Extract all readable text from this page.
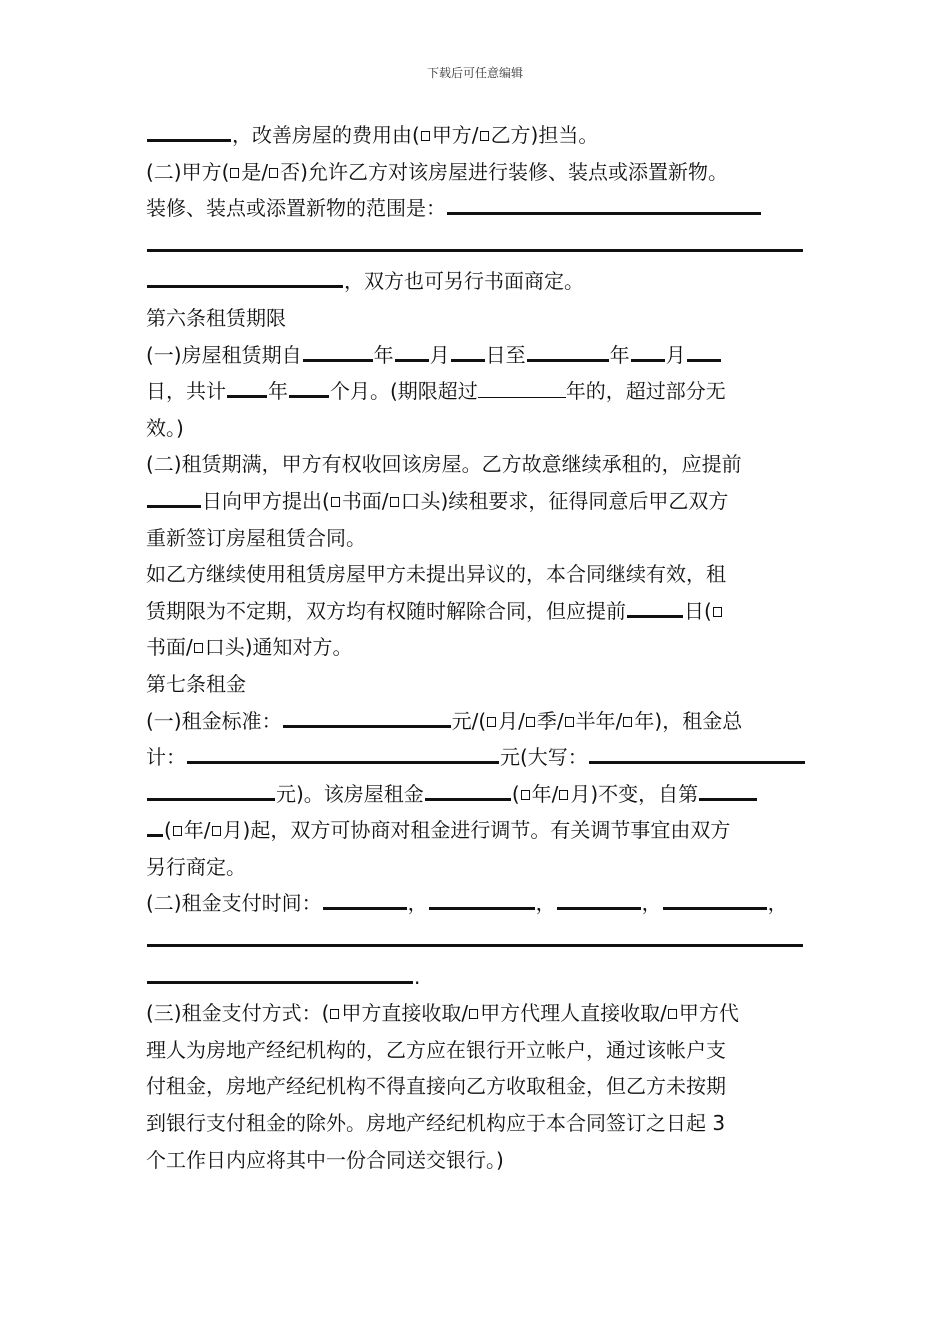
下载后可任意编辑
，改善房屋的费用由( 甲方/ 乙方)担当。
(二)甲方( 是/ 否)允许乙方对该房屋进行装修、装点或添置新物。
装修、装点或添置新物的范围是：
，双方也可另行书面商定。
第六条租赁期限
(一)房屋租赁期自	年 月 日至	年 月
日，共计 年 个月。(期限超过	年的，超过部分无
效。)
(二)租赁期满，甲方有权收回该房屋。乙方故意继续承租的，应提前
日向甲方提出( 书面/ 口头)续租要求，征得同意后甲乙双方
重新签订房屋租赁合同。
如乙方继续使用租赁房屋甲方未提出异议的，本合同继续有效，租
赁期限为不定期，双方均有权随时解除合同，但应提前	日(
书面/ 口头)通知对方。
第七条租金
(一)租金标准：	元/( 月/ 季/ 半年/ 年)，租金总
计：	元(大写：
元)。该房屋租金	( 年/ 月)不变，自第
( 年/ 月)起，双方可协商对租金进行调节。有关调节事宜由双方
另行商定。
(二)租金支付时间：	，	，	，	，
.
(三)租金支付方式：( 甲方直接收取/ 甲方代理人直接收取/ 甲方代
理人为房地产经纪机构的，乙方应在银行开立帐户，通过该帐户支
付租金，房地产经纪机构不得直接向乙方收取租金，但乙方未按期
到银行支付租金的除外。房地产经纪机构应于本合同签订之日起 3
个工作日内应将其中一份合同送交银行。)
